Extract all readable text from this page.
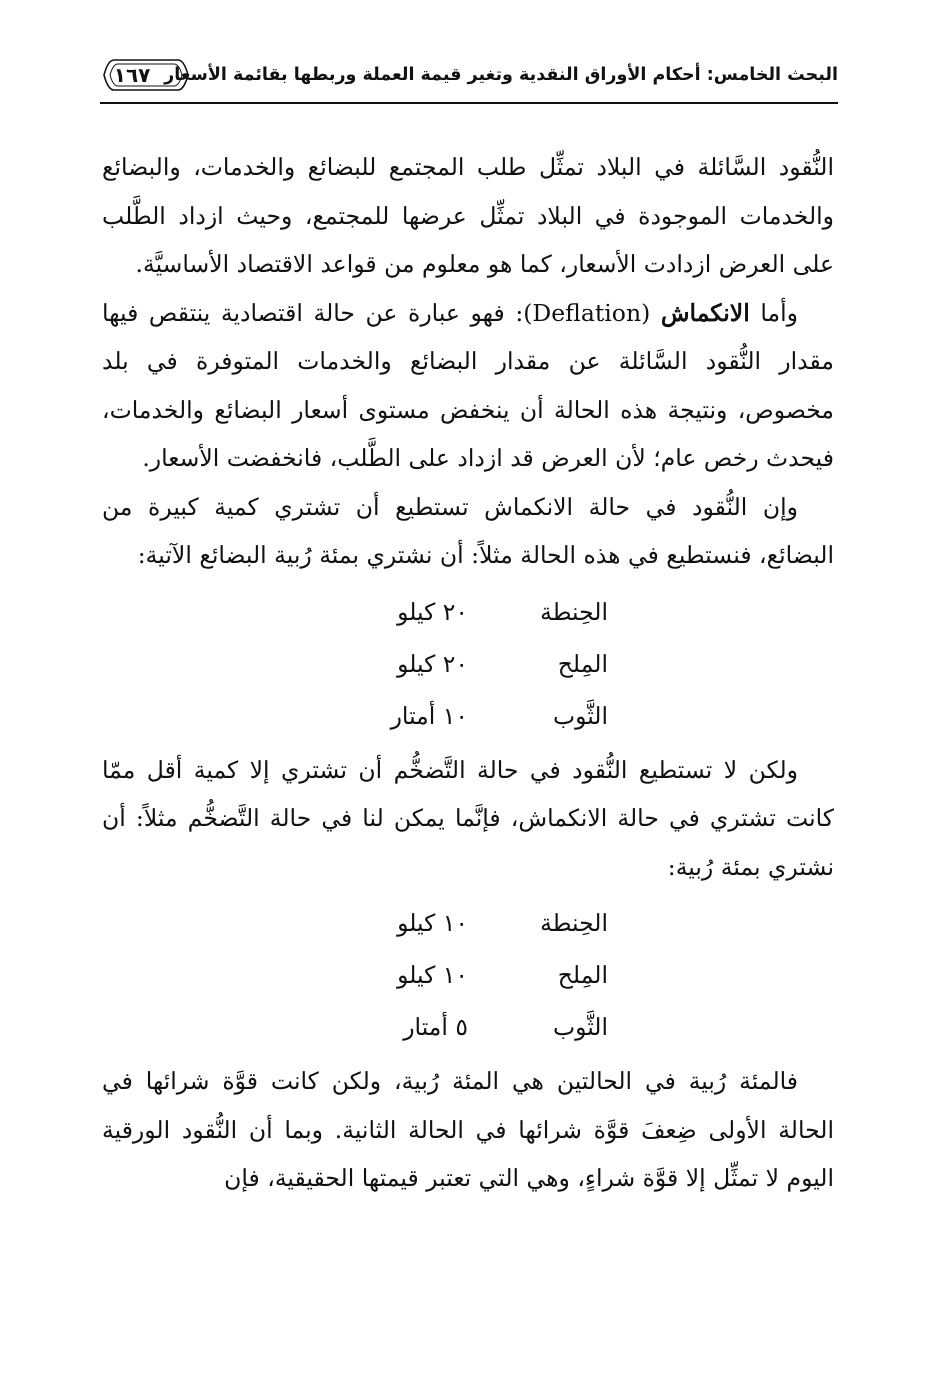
البحث الخامس: أحكام الأوراق النقدية وتغير قيمة العملة وربطها بقائمة الأسعار
١٦٧

النُّقود السَّائلة في البلاد تمثِّل طلب المجتمع للبضائع والخدمات، والبضائع والخدمات الموجودة في البلاد تمثِّل عرضها للمجتمع، وحيث ازداد الطَّلب على العرض ازدادت الأسعار، كما هو معلوم من قواعد الاقتصاد الأساسيَّة.

وأما الانكماش (Deflation): فهو عبارة عن حالة اقتصادية ينتقص فيها مقدار النُّقود السَّائلة عن مقدار البضائع والخدمات المتوفرة في بلد مخصوص، ونتيجة هذه الحالة أن ينخفض مستوى أسعار البضائع والخدمات، فيحدث رخص عام؛ لأن العرض قد ازداد على الطَّلب، فانخفضت الأسعار.

وإن النُّقود في حالة الانكماش تستطيع أن تشتري كمية كبيرة من البضائع، فنستطيع في هذه الحالة مثلاً: أن نشتري بمئة رُبية البضائع الآتية:

الحِنطة
٢٠ كيلو
المِلح
٢٠ كيلو
الثَّوب
١٠ أمتار

ولكن لا تستطيع النُّقود في حالة التَّضخُّم أن تشتري إلا كمية أقل ممّا كانت تشتري في حالة الانكماش، فإنَّما يمكن لنا في حالة التَّضخُّم مثلاً: أن نشتري بمئة رُبية:

الحِنطة
١٠ كيلو
المِلح
١٠ كيلو
الثَّوب
٥ أمتار

فالمئة رُبية في الحالتين هي المئة رُبية، ولكن كانت قوَّة شرائها في الحالة الأولى ضِعفَ قوَّة شرائها في الحالة الثانية. وبما أن النُّقود الورقية اليوم لا تمثِّل إلا قوَّة شراءٍ، وهي التي تعتبر قيمتها الحقيقية، فإن
